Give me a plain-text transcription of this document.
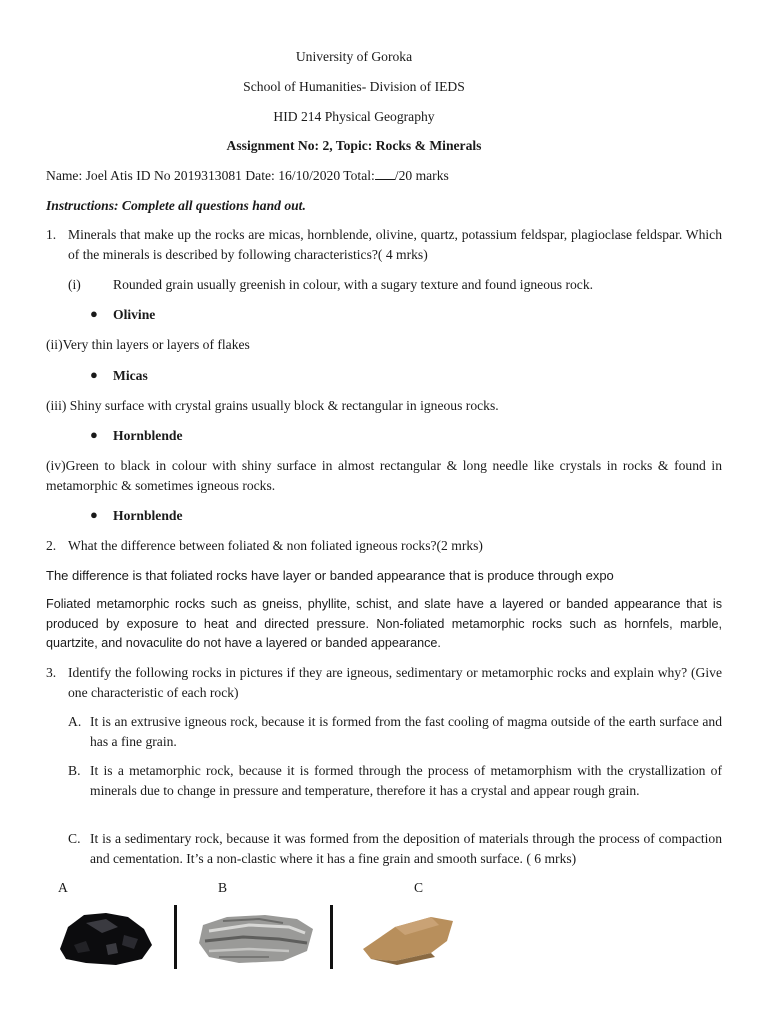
University of Goroka
School of Humanities- Division of IEDS
HID 214 Physical Geography
Assignment No: 2, Topic: Rocks & Minerals
Name: Joel Atis ID No 2019313081 Date: 16/10/2020 Total: /20 marks
Instructions: Complete all questions hand out.
1. Minerals that make up the rocks are micas, hornblende, olivine, quartz, potassium feldspar, plagioclase feldspar. Which of the minerals is described by following characteristics?( 4 mrks)
(i) Rounded grain usually greenish in colour, with a sugary texture and found igneous rock.
● Olivine
(ii)Very thin layers or layers of flakes
● Micas
(iii) Shiny surface with crystal grains usually block & rectangular in igneous rocks.
● Hornblende
(iv)Green to black in colour with shiny surface in almost rectangular & long needle like crystals in rocks & found in metamorphic & sometimes igneous rocks.
● Hornblende
2. What the difference between foliated & non foliated igneous rocks?(2 mrks)
The difference is that foliated rocks have layer or banded appearance that is produce through expo
Foliated metamorphic rocks such as gneiss, phyllite, schist, and slate have a layered or banded appearance that is produced by exposure to heat and directed pressure. Non-foliated metamorphic rocks such as hornfels, marble, quartzite, and novaculite do not have a layered or banded appearance.
3. Identify the following rocks in pictures if they are igneous, sedimentary or metamorphic rocks and explain why? (Give one characteristic of each rock)
A. It is an extrusive igneous rock, because it is formed from the fast cooling of magma outside of the earth surface and has a fine grain.
B. It is a metamorphic rock, because it is formed through the process of metamorphism with the crystallization of minerals due to change in pressure and temperature, therefore it has a crystal and appear rough grain.
C. It is a sedimentary rock, because it was formed from the deposition of materials through the process of compaction and cementation. It’s a non-clastic where it has a fine grain and smooth surface. ( 6 mrks)
A	B	C
